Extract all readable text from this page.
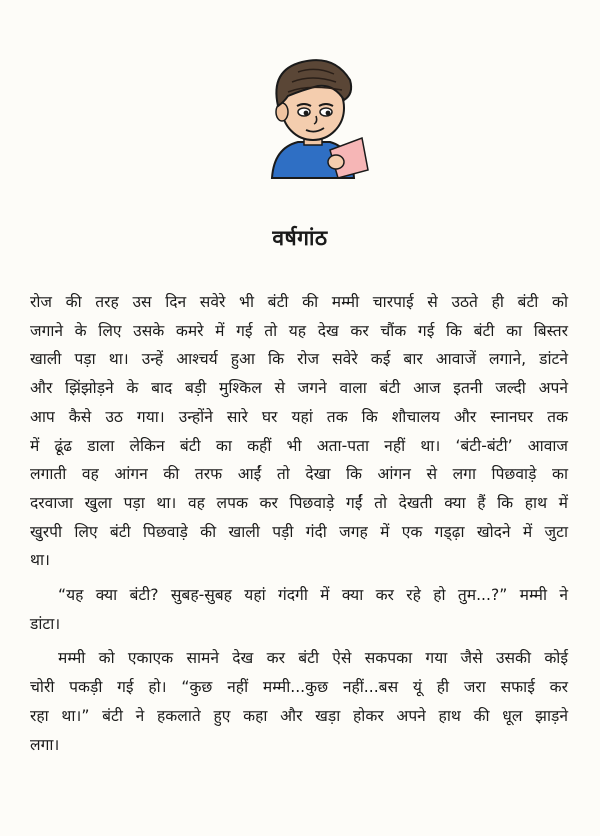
वर्षगांठ

रोज की तरह उस दिन सवेरे भी बंटी की मम्मी चारपाई से उठते ही बंटी को
जगाने के लिए उसके कमरे में गई तो यह देख कर चौंक गई कि बंटी का बिस्तर
खाली पड़ा था। उन्हें आश्चर्य हुआ कि रोज सवेरे कई बार आवाजें लगाने, डांटने
और झिंझोड़ने के बाद बड़ी मुश्किल से जगने वाला बंटी आज इतनी जल्दी अपने
आप कैसे उठ गया। उन्होंने सारे घर यहां तक कि शौचालय और स्नानघर तक
में ढूंढ डाला लेकिन बंटी का कहीं भी अता-पता नहीं था। ‘बंटी-बंटी’ आवाज
लगाती वह आंगन की तरफ आईं तो देखा कि आंगन से लगा पिछवाड़े का
दरवाजा खुला पड़ा था। वह लपक कर पिछवाड़े गईं तो देखती क्या हैं कि हाथ में
खुरपी लिए बंटी पिछवाड़े की खाली पड़ी गंदी जगह में एक गड्ढ़ा खोदने में जुटा
था।

“यह क्या बंटी? सुबह-सुबह यहां गंदगी में क्या कर रहे हो तुम...?” मम्मी ने
डांटा।

मम्मी को एकाएक सामने देख कर बंटी ऐसे सकपका गया जैसे उसकी कोई
चोरी पकड़ी गई हो। “कुछ नहीं मम्मी...कुछ नहीं...बस यूं ही जरा सफाई कर
रहा था।” बंटी ने हकलाते हुए कहा और खड़ा होकर अपने हाथ की धूल झाड़ने
लगा।
